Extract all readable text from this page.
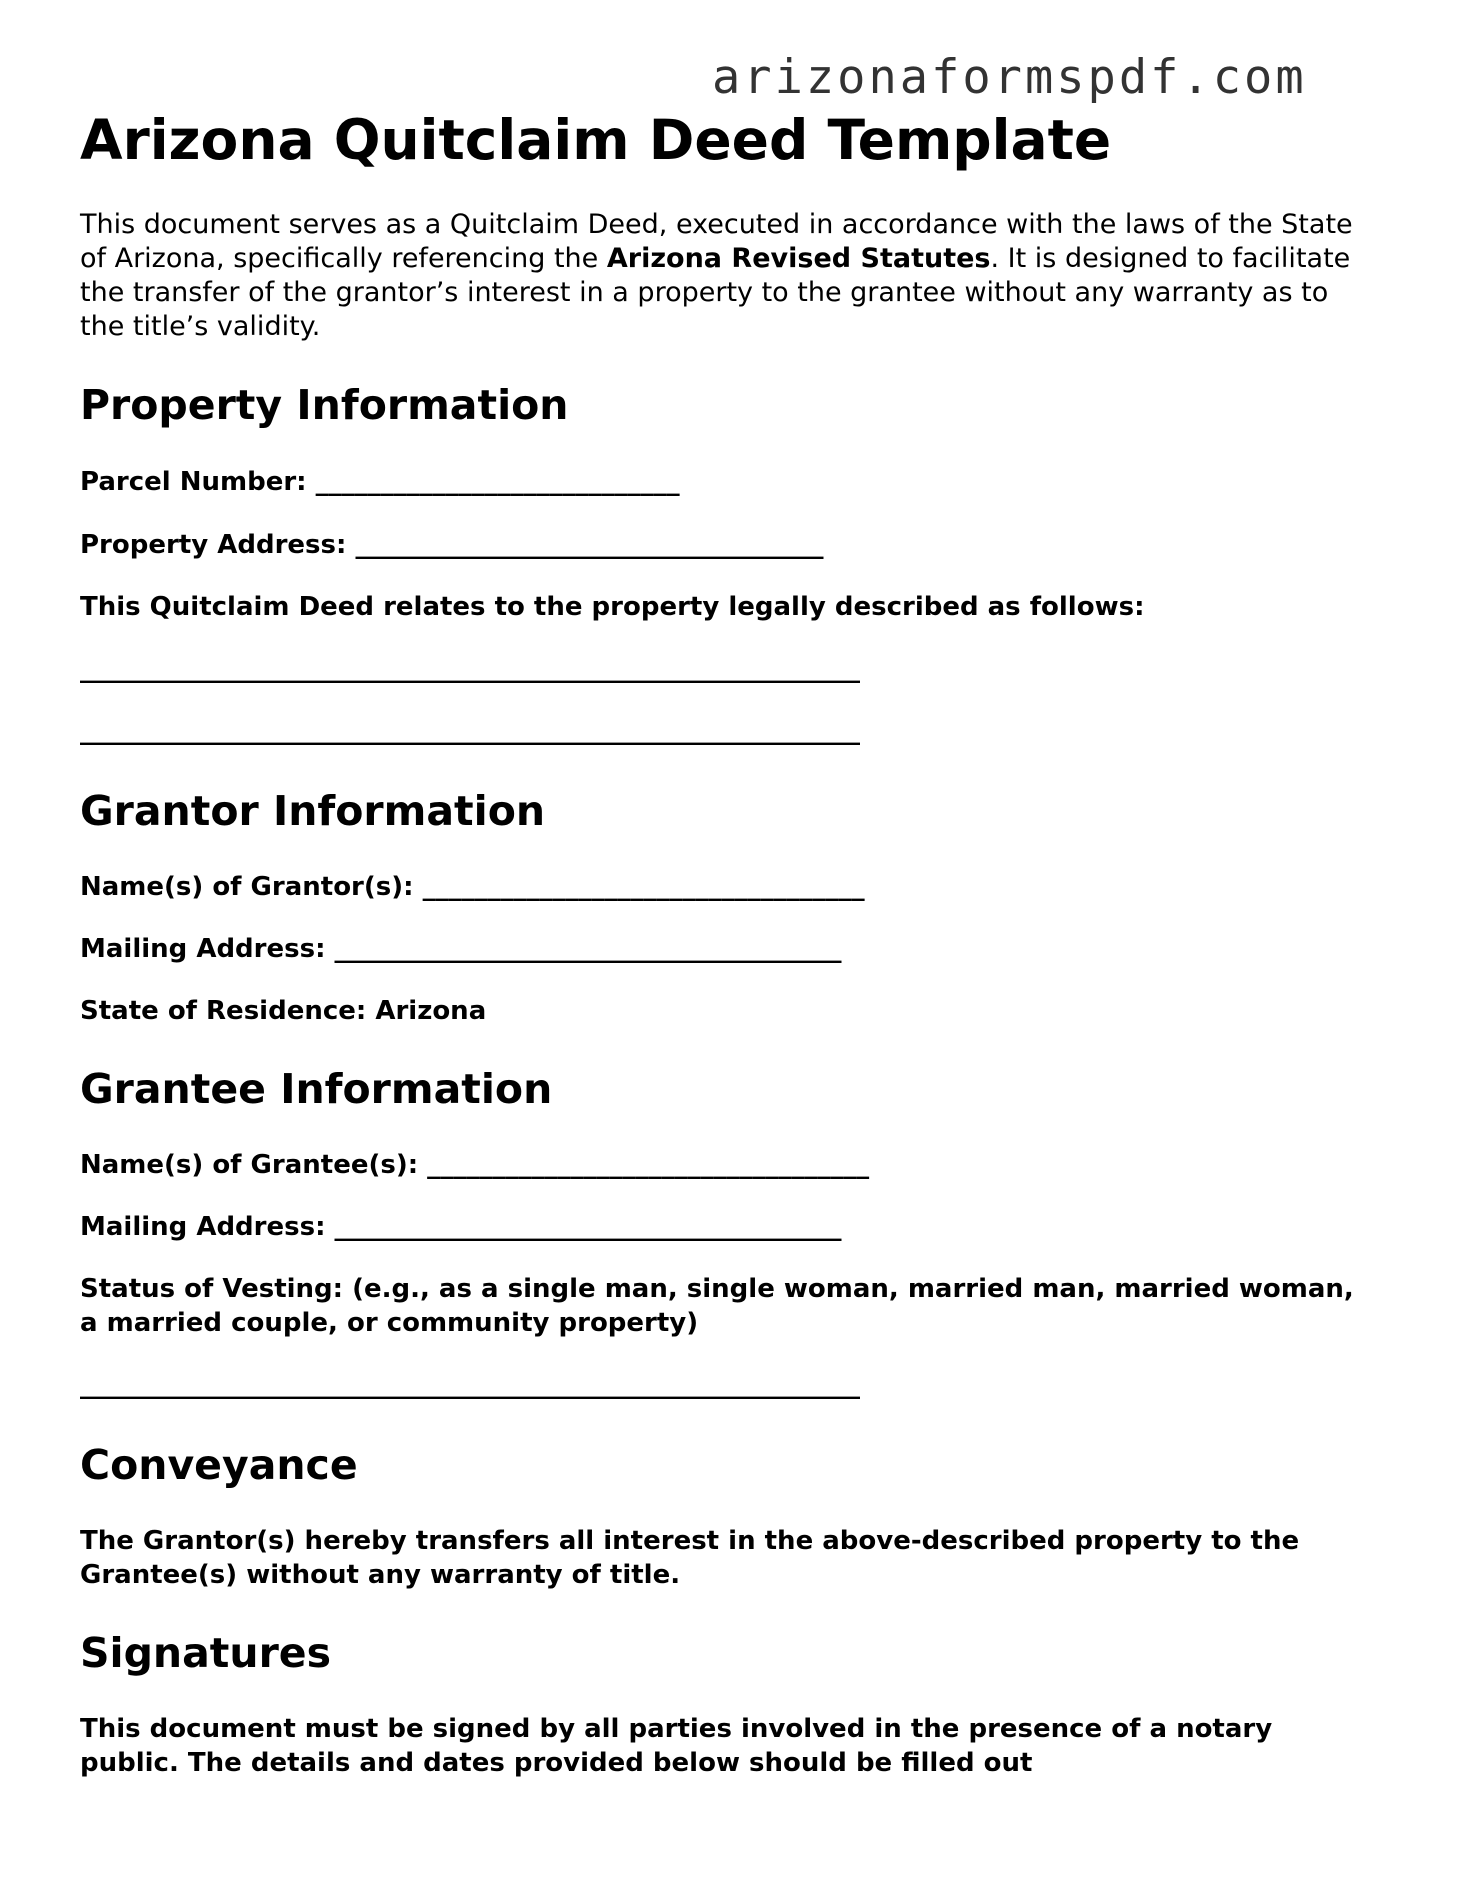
arizonaformspdf.com
Arizona Quitclaim Deed Template

This document serves as a Quitclaim Deed, executed in accordance with the laws of the State of Arizona, specifically referencing the Arizona Revised Statutes. It is designed to facilitate the transfer of the grantor’s interest in a property to the grantee without any warranty as to the title’s validity.

Property Information
Parcel Number: ____________________________
Property Address: ____________________________________
This Quitclaim Deed relates to the property legally described as follows:
____________________________________________________________
____________________________________________________________
Grantor Information
Name(s) of Grantor(s): __________________________________
Mailing Address: _______________________________________
State of Residence: Arizona
Grantee Information
Name(s) of Grantee(s): __________________________________
Mailing Address: _______________________________________
Status of Vesting: (e.g., as a single man, single woman, married man, married woman, a married couple, or community property)
____________________________________________________________
Conveyance
The Grantor(s) hereby transfers all interest in the above-described property to the Grantee(s) without any warranty of title.
Signatures
This document must be signed by all parties involved in the presence of a notary public. The details and dates provided below should be filled out
